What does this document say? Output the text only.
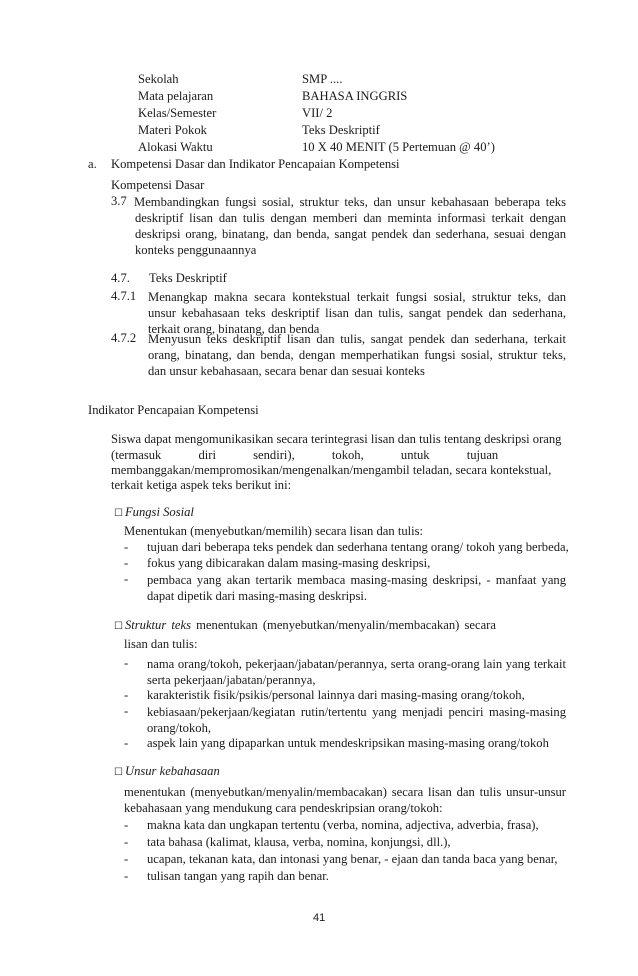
Sekolah	SMP ....
Mata pelajaran	BAHASA INGGRIS
Kelas/Semester	VII/ 2
Materi Pokok	Teks Deskriptif
Alokasi Waktu	10 X 40 MENIT (5 Pertemuan @ 40’)
a. Kompetensi Dasar dan Indikator Pencapaian Kompetensi
Kompetensi Dasar
3.7 Membandingkan fungsi sosial, struktur teks, dan unsur kebahasaan beberapa teks deskriptif lisan dan tulis dengan memberi dan meminta informasi terkait dengan deskripsi orang, binatang, dan benda, sangat pendek dan sederhana, sesuai dengan konteks penggunaannya
4.7. Teks Deskriptif
4.7.1 Menangkap makna secara kontekstual terkait fungsi sosial, struktur teks, dan unsur kebahasaan teks deskriptif lisan dan tulis, sangat pendek dan sederhana, terkait orang, binatang, dan benda
4.7.2 Menyusun teks deskriptif lisan dan tulis, sangat pendek dan sederhana, terkait orang, binatang, dan benda, dengan memperhatikan fungsi sosial, struktur teks, dan unsur kebahasaan, secara benar dan sesuai konteks
Indikator Pencapaian Kompetensi
Siswa dapat mengomunikasikan secara terintegrasi lisan dan tulis tentang deskripsi orang
(termasuk diri sendiri), tokoh, untuk tujuan
membanggakan/mempromosikan/mengenalkan/mengambil teladan, secara kontekstual,
terkait ketiga aspek teks berikut ini:
☐ Fungsi Sosial
Menentukan (menyebutkan/memilih) secara lisan dan tulis:
- tujuan dari beberapa teks pendek dan sederhana tentang orang/ tokoh yang berbeda,
- fokus yang dibicarakan dalam masing-masing deskripsi,
- pembaca yang akan tertarik membaca masing-masing deskripsi, - manfaat yang dapat dipetik dari masing-masing deskripsi.
☐ Struktur teks menentukan (menyebutkan/menyalin/membacakan) secara
lisan dan tulis:
- nama orang/tokoh, pekerjaan/jabatan/perannya, serta orang-orang lain yang terkait serta pekerjaan/jabatan/perannya,
- karakteristik fisik/psikis/personal lainnya dari masing-masing orang/tokoh,
- kebiasaan/pekerjaan/kegiatan rutin/tertentu yang menjadi penciri masing-masing orang/tokoh,
- aspek lain yang dipaparkan untuk mendeskripsikan masing-masing orang/tokoh
☐ Unsur kebahasaan
menentukan (menyebutkan/menyalin/membacakan) secara lisan dan tulis unsur-unsur kebahasaan yang mendukung cara pendeskripsian orang/tokoh:
- makna kata dan ungkapan tertentu (verba, nomina, adjectiva, adverbia, frasa),
- tata bahasa (kalimat, klausa, verba, nomina, konjungsi, dll.),
- ucapan, tekanan kata, dan intonasi yang benar, - ejaan dan tanda baca yang benar,
- tulisan tangan yang rapih dan benar.
41
